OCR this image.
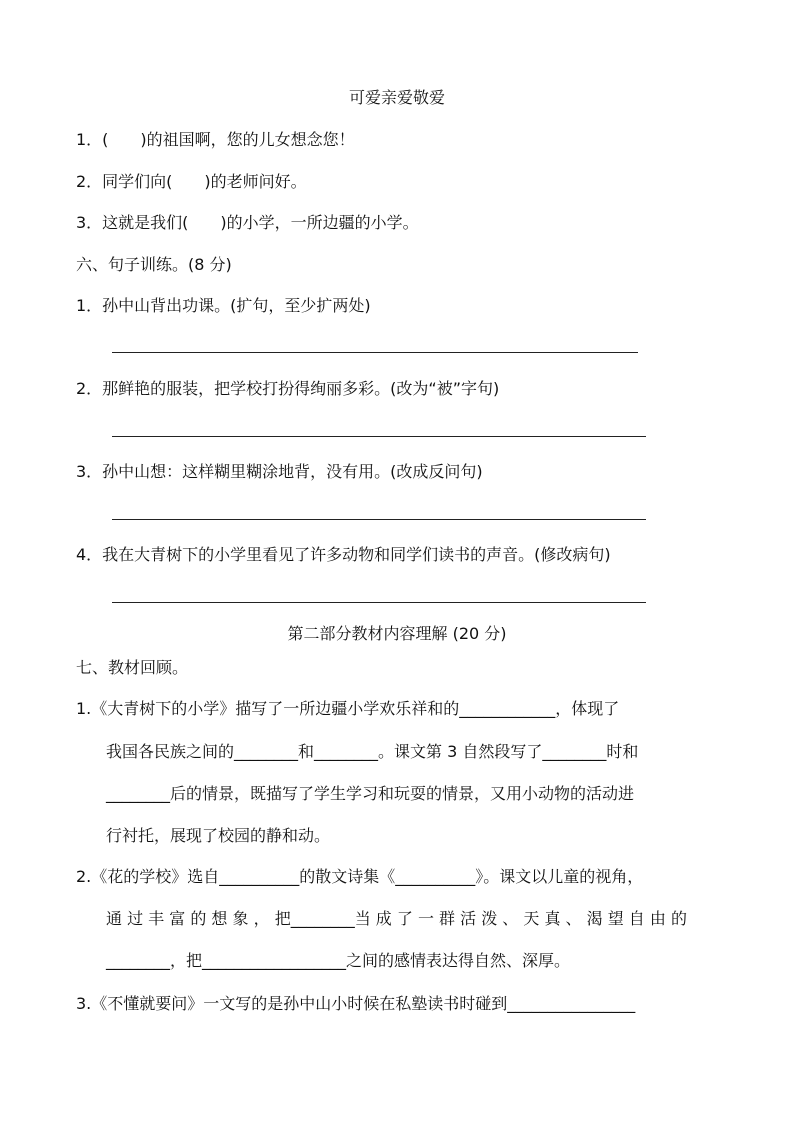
可爱亲爱敬爱
1．(　　)的祖国啊，您的儿女想念您！
2．同学们向(　　)的老师问好。
3．这就是我们(　　)的小学，一所边疆的小学。
六、句子训练。(8 分)
1．孙中山背出功课。(扩句，至少扩两处)
2．那鲜艳的服装，把学校打扮得绚丽多彩。(改为“被”字句)
3．孙中山想：这样糊里糊涂地背，没有用。(改成反问句)
4．我在大青树下的小学里看见了许多动物和同学们读书的声音。(修改病句)
第二部分教材内容理解 (20 分)
七、教材回顾。
1.《大青树下的小学》描写了一所边疆小学欢乐祥和的____________，体现了
我国各民族之间的________和________。课文第 3 自然段写了________时和
________后的情景，既描写了学生学习和玩耍的情景，又用小动物的活动进
行衬托，展现了校园的静和动。
2.《花的学校》选自__________的散文诗集《__________》。课文以儿童的视角，
通 过 丰 富 的 想 象 ， 把________当 成 了 一 群 活 泼 、 天 真 、 渴 望 自 由 的
________，把__________________之间的感情表达得自然、深厚。
3.《不懂就要问》一文写的是孙中山小时候在私塾读书时碰到________________
